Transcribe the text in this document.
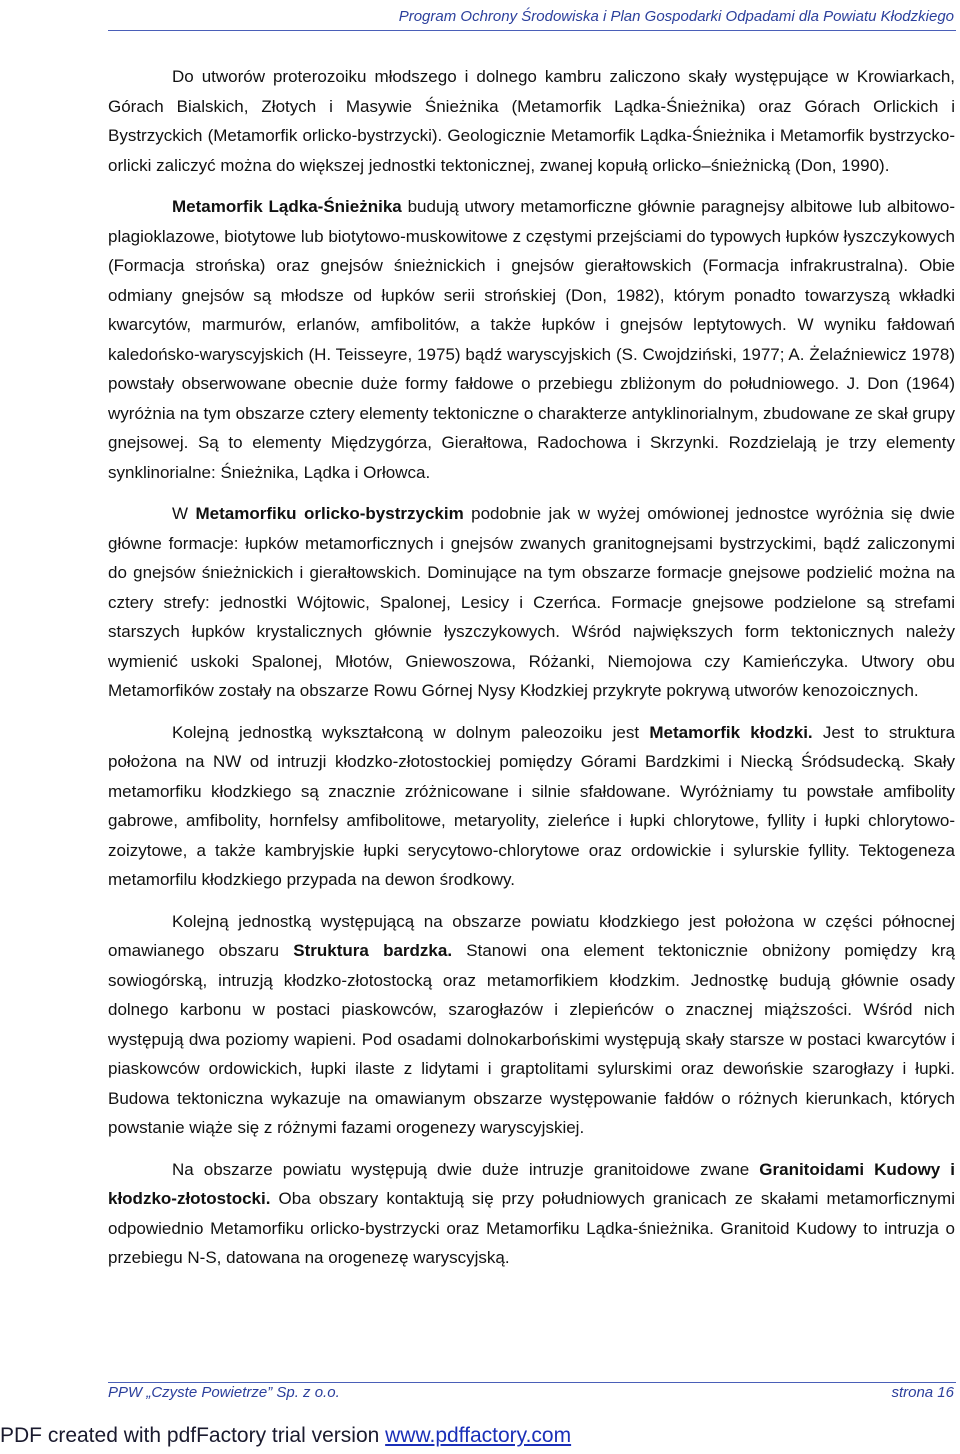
Program Ochrony Środowiska i Plan Gospodarki Odpadami dla Powiatu Kłodzkiego

Do utworów proterozoiku młodszego i dolnego kambru zaliczono skały występujące w Krowiarkach, Górach Bialskich, Złotych i Masywie Śnieżnika (Metamorfik Lądka-Śnieżnika) oraz Górach Orlickich i Bystrzyckich (Metamorfik orlicko-bystrzycki). Geologicznie Metamorfik Lądka-Śnieżnika i Metamorfik bystrzycko-orlicki zaliczyć można do większej jednostki tektonicznej, zwanej kopułą orlicko–śnieżnicką (Don, 1990).

Metamorfik Lądka-Śnieżnika budują utwory metamorficzne głównie paragnejsy albitowe lub albitowo-plagioklazowe, biotytowe lub biotytowo-muskowitowe z częstymi przejściami do typowych łupków łyszczykowych (Formacja strońska) oraz gnejsów śnieżnickich i gnejsów gierałtowskich (Formacja infrakrustralna). Obie odmiany gnejsów są młodsze od łupków serii strońskiej (Don, 1982), którym ponadto towarzyszą wkładki kwarcytów, marmurów, erlanów, amfibolitów, a także łupków i gnejsów leptytowych. W wyniku fałdowań kaledońsko-waryscyjskich (H. Teisseyre, 1975) bądź waryscyjskich (S. Cwojdziński, 1977; A. Żelaźniewicz 1978) powstały obserwowane obecnie duże formy fałdowe o przebiegu zbliżonym do południowego. J. Don (1964) wyróżnia na tym obszarze cztery elementy tektoniczne o charakterze antyklinorialnym, zbudowane ze skał grupy gnejsowej. Są to elementy Międzygórza, Gierałtowa, Radochowa i Skrzynki. Rozdzielają je trzy elementy synklinorialne: Śnieżnika, Lądka i Orłowca.

W Metamorfiku orlicko-bystrzyckim podobnie jak w wyżej omówionej jednostce wyróżnia się dwie główne formacje: łupków metamorficznych i gnejsów zwanych granitognejsami bystrzyckimi, bądź zaliczonymi do gnejsów śnieżnickich i gierałtowskich. Dominujące na tym obszarze formacje gnejsowe podzielić można na cztery strefy: jednostki Wójtowic, Spalonej, Lesicy i Czerńca. Formacje gnejsowe podzielone są strefami starszych łupków krystalicznych głównie łyszczykowych. Wśród największych form tektonicznych należy wymienić uskoki Spalonej, Młotów, Gniewoszowa, Różanki, Niemojowa czy Kamieńczyka. Utwory obu Metamorfików zostały na obszarze Rowu Górnej Nysy Kłodzkiej przykryte pokrywą utworów kenozoicznych.

Kolejną jednostką wykształconą w dolnym paleozoiku jest Metamorfik kłodzki. Jest to struktura położona na NW od intruzji kłodzko-złotostockiej pomiędzy Górami Bardzkimi i Niecką Śródsudecką. Skały metamorfiku kłodzkiego są znacznie zróżnicowane i silnie sfałdowane. Wyróżniamy tu powstałe amfibolity gabrowe, amfibolity, hornfelsy amfibolitowe, metaryolity, zieleńce i łupki chlorytowe, fyllity i łupki chlorytowo-zoizytowe, a także kambryjskie łupki serycytowo-chlorytowe oraz ordowickie i sylurskie fyllity. Tektogeneza metamorfilu kłodzkiego przypada na dewon środkowy.

Kolejną jednostką występującą na obszarze powiatu kłodzkiego jest położona w części północnej omawianego obszaru Struktura bardzka. Stanowi ona element tektonicznie obniżony pomiędzy krą sowiogórską, intruzją kłodzko-złotostocką oraz metamorfikiem kłodzkim. Jednostkę budują głównie osady dolnego karbonu w postaci piaskowców, szarogłazów i zlepieńców o znacznej miąższości. Wśród nich występują dwa poziomy wapieni. Pod osadami dolnokarbońskimi występują skały starsze w postaci kwarcytów i piaskowców ordowickich, łupki ilaste z lidytami i graptolitami sylurskimi oraz dewońskie szarogłazy i łupki. Budowa tektoniczna wykazuje na omawianym obszarze występowanie fałdów o różnych kierunkach, których powstanie wiąże się z różnymi fazami orogenezy waryscyjskiej.

Na obszarze powiatu występują dwie duże intruzje granitoidowe zwane Granitoidami Kudowy i kłodzko-złotostocki. Oba obszary kontaktują się przy południowych granicach ze skałami metamorficznymi odpowiednio Metamorfiku orlicko-bystrzycki oraz Metamorfiku Lądka-śnieżnika. Granitoid Kudowy to intruzja o przebiegu N-S, datowana na orogenezę waryscyjską.

PPW „Czyste Powietrze” Sp. z o.o.	strona 16
PDF created with pdfFactory trial version www.pdffactory.com
